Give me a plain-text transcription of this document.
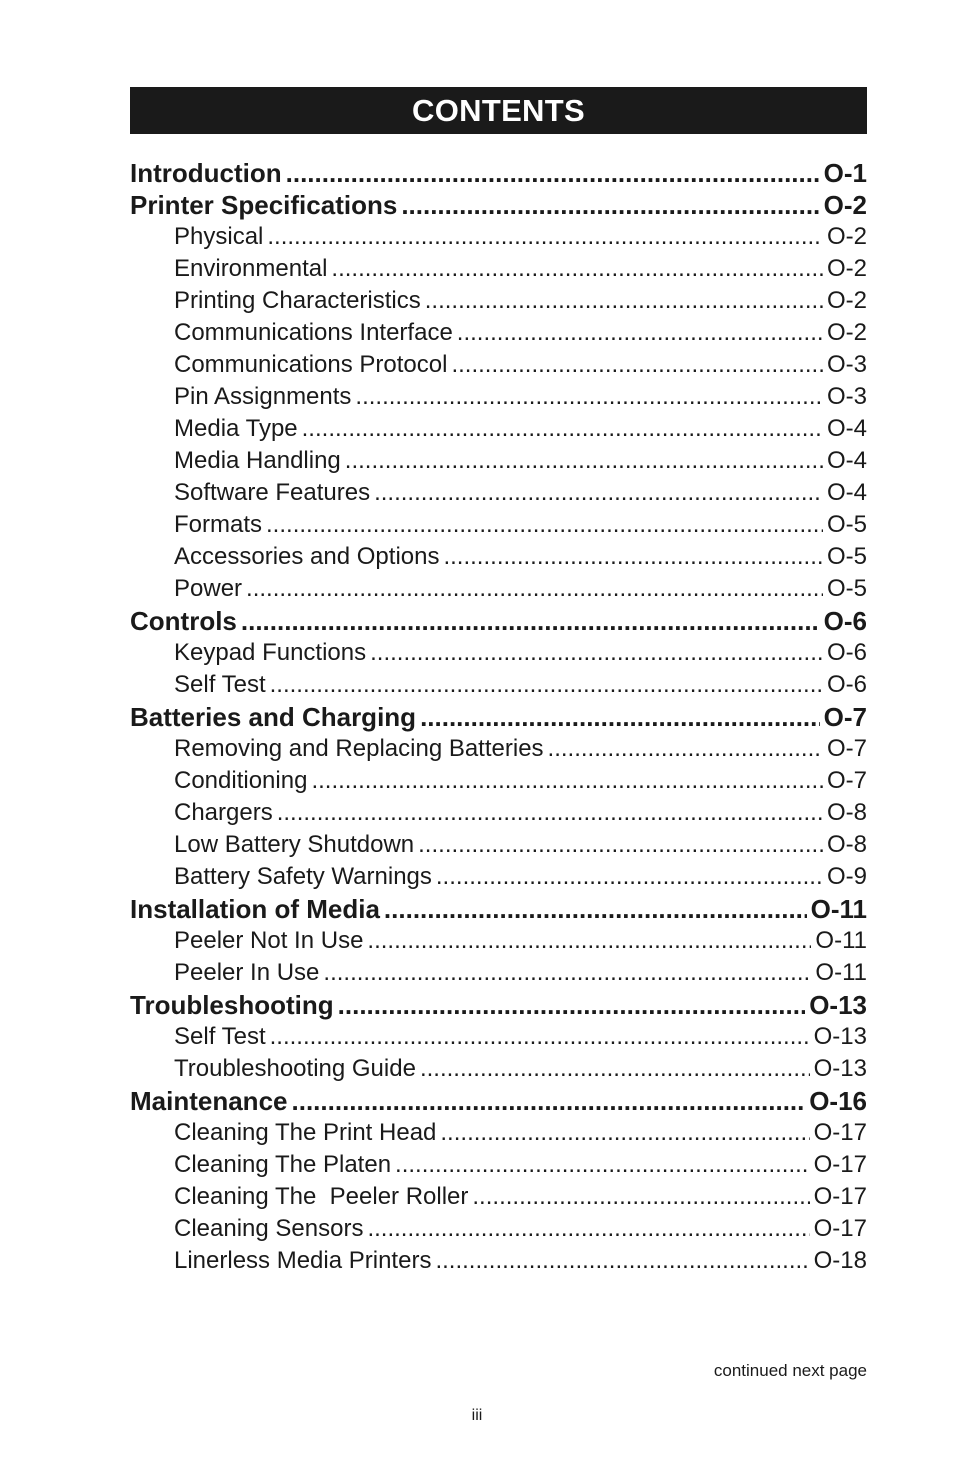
CONTENTS
Introduction .....	O-1
Printer Specifications .....	O-2
Physical .....	O-2
Environmental .....	O-2
Printing Characteristics .....	O-2
Communications Interface .....	O-2
Communications Protocol .....	O-3
Pin Assignments .....	O-3
Media Type .....	O-4
Media Handling .....	O-4
Software Features .....	O-4
Formats .....	O-5
Accessories and Options .....	O-5
Power .....	O-5
Controls .....	O-6
Keypad Functions .....	O-6
Self Test .....	O-6
Batteries and Charging .....	O-7
Removing and Replacing Batteries .....	O-7
Conditioning .....	O-7
Chargers .....	O-8
Low Battery Shutdown .....	O-8
Battery Safety Warnings .....	O-9
Installation of Media .....	O-11
Peeler Not In Use .....	O-11
Peeler In Use .....	O-11
Troubleshooting .....	O-13
Self Test .....	O-13
Troubleshooting Guide .....	O-13
Maintenance .....	O-16
Cleaning The Print Head .....	O-17
Cleaning The Platen .....	O-17
Cleaning The  Peeler Roller .....	O-17
Cleaning Sensors .....	O-17
Linerless Media Printers .....	O-18
continued next page
iii
